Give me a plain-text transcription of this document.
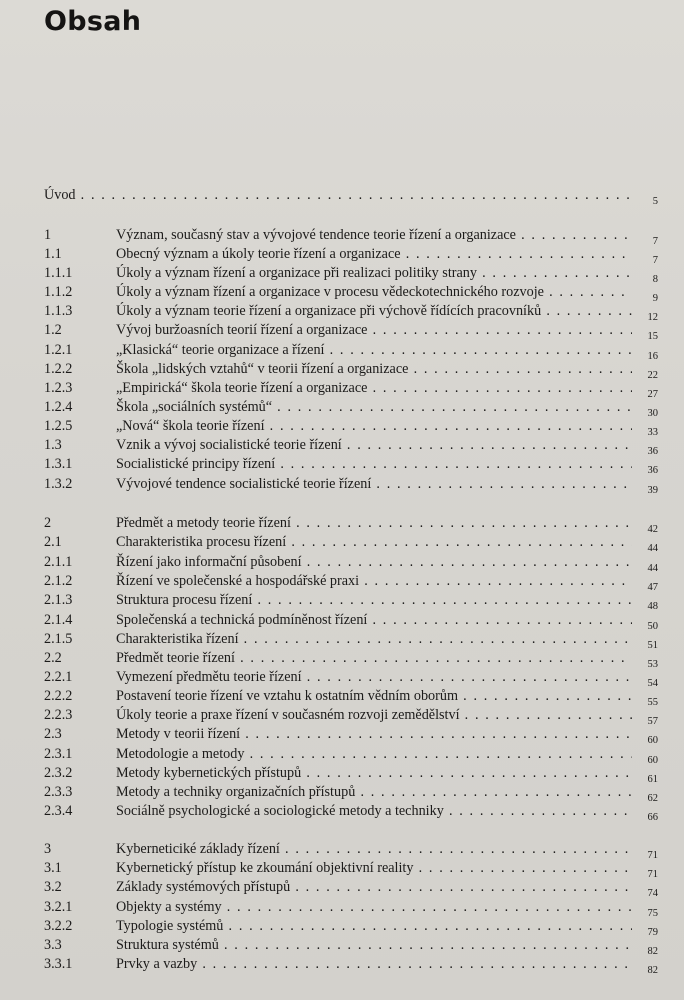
Obsah
Úvod . . .	5
1	Význam, současný stav a vývojové tendence teorie řízení a organizace . . .	7
1.1	Obecný význam a úkoly teorie řízení a organizace . . .	7
1.1.1	Úkoly a význam řízení a organizace při realizaci politiky strany . . .	8
1.1.2	Úkoly a význam řízení a organizace v procesu vědeckotechnického rozvoje . . .	9
1.1.3	Úkoly a význam teorie řízení a organizace při výchově řídících pracovníků . . .	12
1.2	Vývoj buržoasních teorií řízení a organizace . . .	15
1.2.1	„Klasická“ teorie organizace a řízení . . .	16
1.2.2	Škola „lidských vztahů“ v teorii řízení a organizace . . .	22
1.2.3	„Empirická“ škola teorie řízení a organizace . . .	27
1.2.4	Škola „sociálních systémů“ . . .	30
1.2.5	„Nová“ škola teorie řízení . . .	33
1.3	Vznik a vývoj socialistické teorie řízení . . .	36
1.3.1	Socialistické principy řízení . . .	36
1.3.2	Vývojové tendence socialistické teorie řízení . . .	39
2	Předmět a metody teorie řízení . . .	42
2.1	Charakteristika procesu řízení . . .	44
2.1.1	Řízení jako informační působení . . .	44
2.1.2	Řízení ve společenské a hospodářské praxi . . .	47
2.1.3	Struktura procesu řízení . . .	48
2.1.4	Společenská a technická podmíněnost řízení . . .	50
2.1.5	Charakteristika řízení . . .	51
2.2	Předmět teorie řízení . . .	53
2.2.1	Vymezení předmětu teorie řízení . . .	54
2.2.2	Postavení teorie řízení ve vztahu k ostatním vědním oborům . . .	55
2.2.3	Úkoly teorie a praxe řízení v současném rozvoji zemědělství . . .	57
2.3	Metody v teorii řízení . . .	60
2.3.1	Metodologie a metody . . .	60
2.3.2	Metody kybernetických přístupů . . .	61
2.3.3	Metody a techniky organizačních přístupů . . .	62
2.3.4	Sociálně psychologické a sociologické metody a techniky . . .	66
3	Kyberneticiké základy řízení . . .	71
3.1	Kybernetický přístup ke zkoumání objektivní reality . . .	71
3.2	Základy systémových přístupů . . .	74
3.2.1	Objekty a systémy . . .	75
3.2.2	Typologie systémů . . .	79
3.3	Struktura systémů . . .	82
3.3.1	Prvky a vazby . . .	82
